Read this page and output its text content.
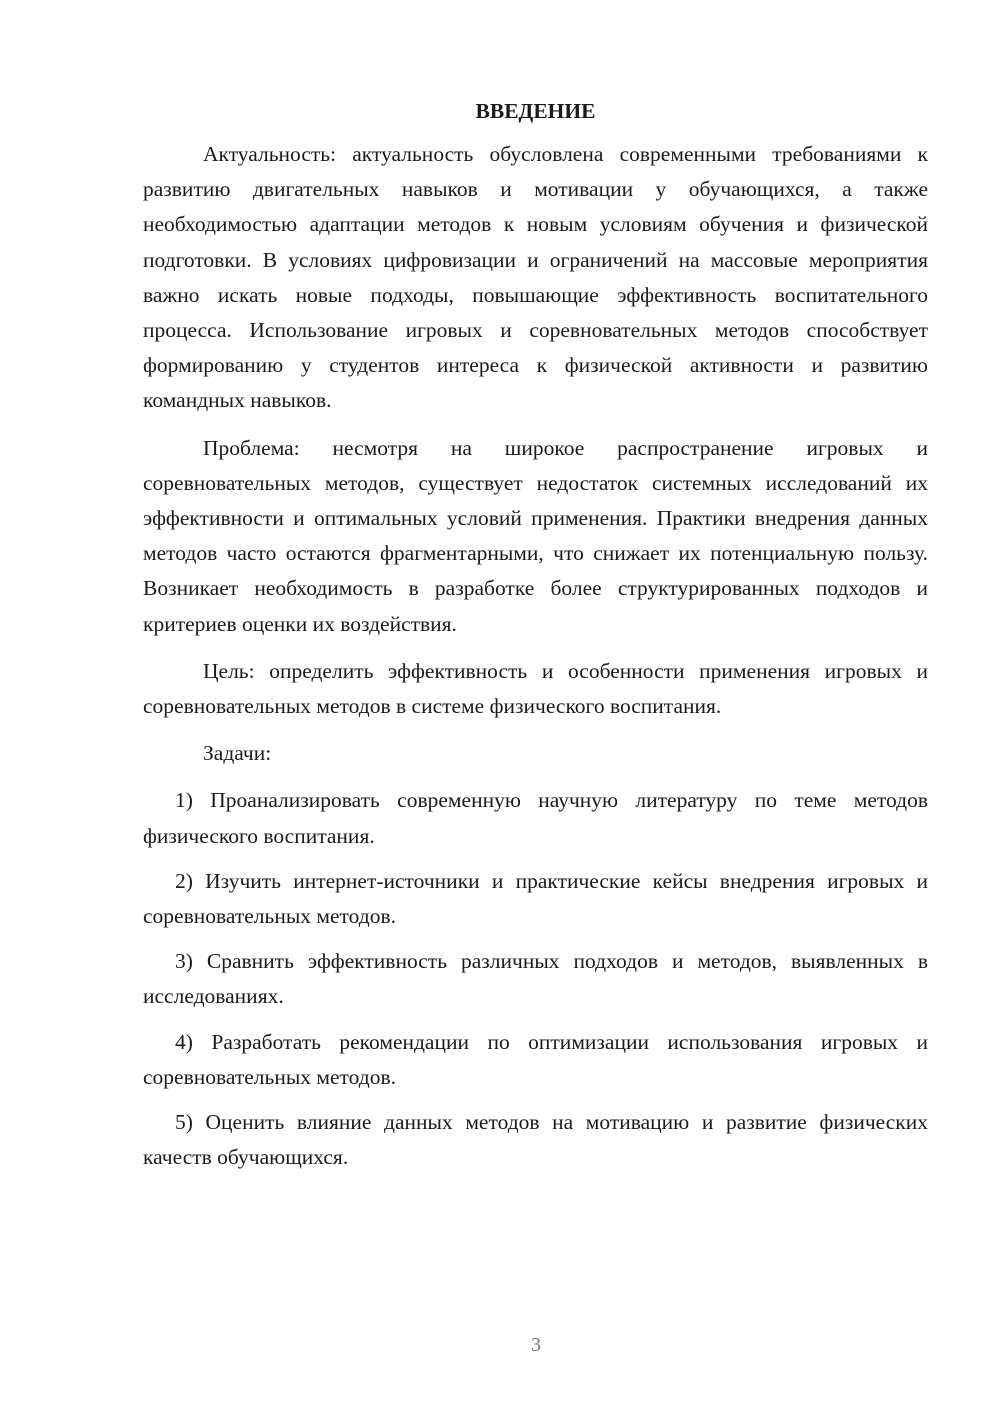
ВВЕДЕНИЕ

Актуальность: актуальность обусловлена современными требованиями к развитию двигательных навыков и мотивации у обучающихся, а также необходимостью адаптации методов к новым условиям обучения и физической подготовки. В условиях цифровизации и ограничений на массовые мероприятия важно искать новые подходы, повышающие эффективность воспитательного процесса. Использование игровых и соревновательных методов способствует формированию у студентов интереса к физической активности и развитию командных навыков.

Проблема: несмотря на широкое распространение игровых и соревновательных методов, существует недостаток системных исследований их эффективности и оптимальных условий применения. Практики внедрения данных методов часто остаются фрагментарными, что снижает их потенциальную пользу. Возникает необходимость в разработке более структурированных подходов и критериев оценки их воздействия.

Цель: определить эффективность и особенности применения игровых и соревновательных методов в системе физического воспитания.

Задачи:

1) Проанализировать современную научную литературу по теме методов физического воспитания.

2) Изучить интернет-источники и практические кейсы внедрения игровых и соревновательных методов.

3) Сравнить эффективность различных подходов и методов, выявленных в исследованиях.

4) Разработать рекомендации по оптимизации использования игровых и соревновательных методов.

5) Оценить влияние данных методов на мотивацию и развитие физических качеств обучающихся.

3
